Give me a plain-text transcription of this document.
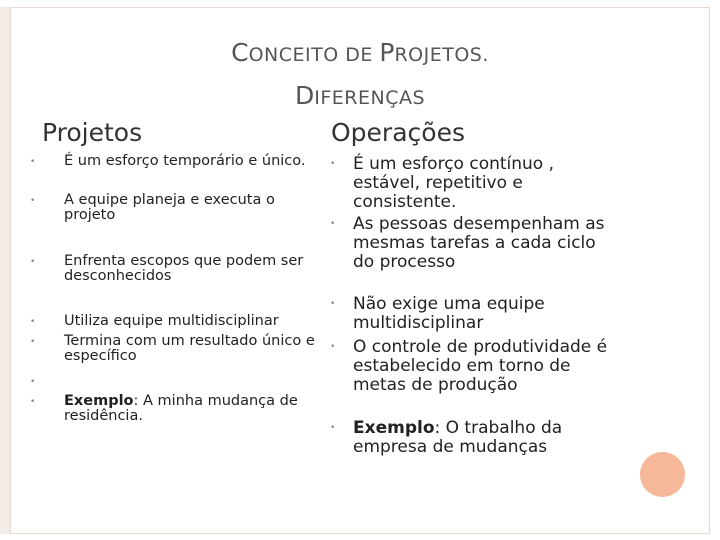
CONCEITO DE PROJETOS.
DIFERENÇAS
Projetos	Operações
• É um esforço temporário e único.
• A equipe planeja e executa o projeto
• Enfrenta escopos que podem ser desconhecidos
• Utiliza equipe multidisciplinar
• Termina com um resultado único e específico
•
• Exemplo: A minha mudança de residência.
• É um esforço contínuo , estável, repetitivo e consistente.
• As pessoas desempenham as mesmas tarefas a cada ciclo do processo
• Não exige uma equipe multidisciplinar
• O controle de produtividade é estabelecido em torno de metas de produção
• Exemplo: O trabalho da empresa de mudanças
